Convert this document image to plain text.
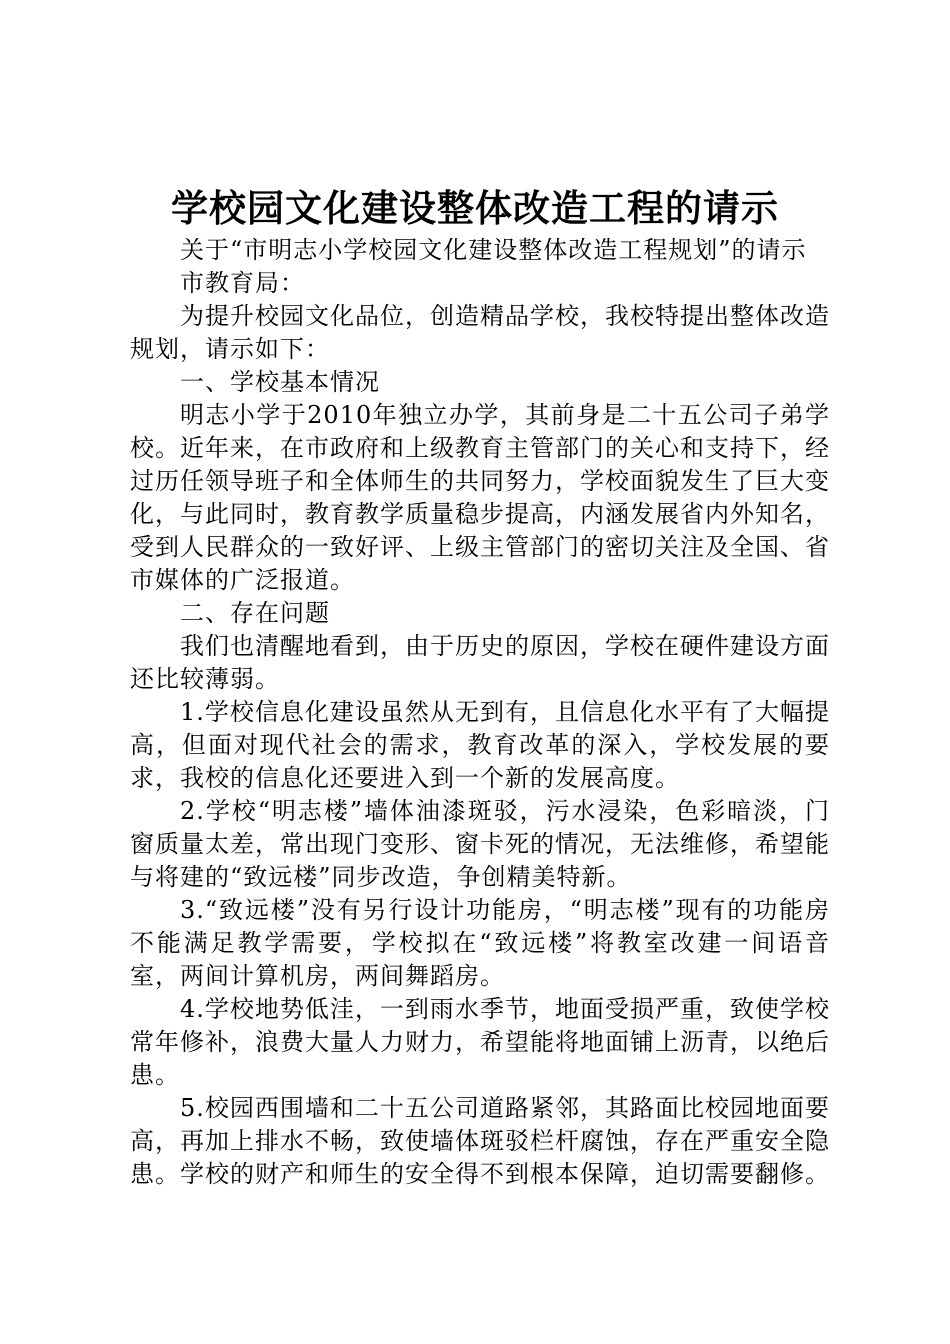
学校园文化建设整体改造工程的请示

关于“市明志小学校园文化建设整体改造工程规划”的请示

市教育局：

为提升校园文化品位，创造精品学校，我校特提出整体改造规划，请示如下：

一、学校基本情况

明志小学于2010年独立办学，其前身是二十五公司子弟学校。近年来，在市政府和上级教育主管部门的关心和支持下，经过历任领导班子和全体师生的共同努力，学校面貌发生了巨大变化，与此同时，教育教学质量稳步提高，内涵发展省内外知名，受到人民群众的一致好评、上级主管部门的密切关注及全国、省市媒体的广泛报道。

二、存在问题

我们也清醒地看到，由于历史的原因，学校在硬件建设方面还比较薄弱。

1.学校信息化建设虽然从无到有，且信息化水平有了大幅提高，但面对现代社会的需求，教育改革的深入，学校发展的要求，我校的信息化还要进入到一个新的发展高度。

2.学校“明志楼”墙体油漆斑驳，污水浸染，色彩暗淡，门窗质量太差，常出现门变形、窗卡死的情况，无法维修，希望能与将建的“致远楼”同步改造，争创精美特新。

3.“致远楼”没有另行设计功能房，“明志楼”现有的功能房不能满足教学需要，学校拟在“致远楼”将教室改建一间语音室，两间计算机房，两间舞蹈房。

4.学校地势低洼，一到雨水季节，地面受损严重，致使学校常年修补，浪费大量人力财力，希望能将地面铺上沥青，以绝后患。

5.校园西围墙和二十五公司道路紧邻，其路面比校园地面要高，再加上排水不畅，致使墙体斑驳栏杆腐蚀，存在严重安全隐患。学校的财产和师生的安全得不到根本保障，迫切需要翻修。
